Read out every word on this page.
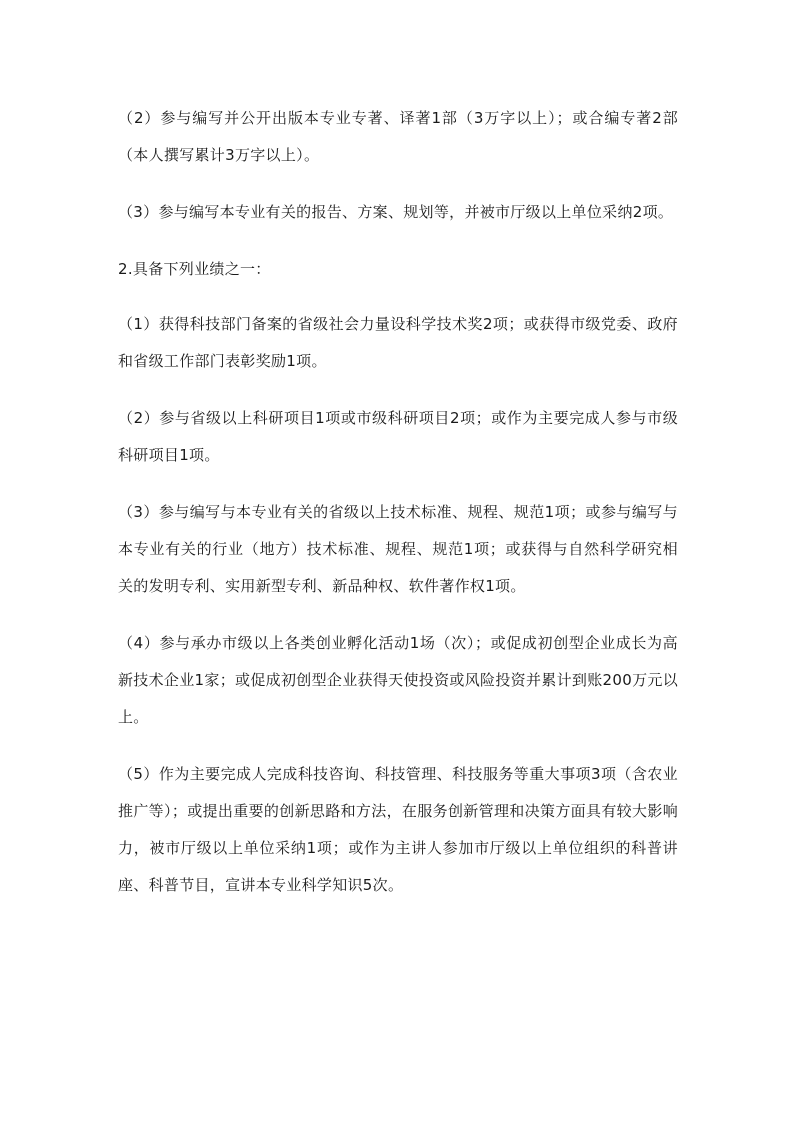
（2）参与编写并公开出版本专业专著、译著1部（3万字以上）；或合编专著2部（本人撰写累计3万字以上）。

（3）参与编写本专业有关的报告、方案、规划等，并被市厅级以上单位采纳2项。

2.具备下列业绩之一：

（1）获得科技部门备案的省级社会力量设科学技术奖2项；或获得市级党委、政府和省级工作部门表彰奖励1项。

（2）参与省级以上科研项目1项或市级科研项目2项；或作为主要完成人参与市级科研项目1项。

（3）参与编写与本专业有关的省级以上技术标准、规程、规范1项；或参与编写与本专业有关的行业（地方）技术标准、规程、规范1项；或获得与自然科学研究相关的发明专利、实用新型专利、新品种权、软件著作权1项。

（4）参与承办市级以上各类创业孵化活动1场（次）；或促成初创型企业成长为高新技术企业1家；或促成初创型企业获得天使投资或风险投资并累计到账200万元以上。

（5）作为主要完成人完成科技咨询、科技管理、科技服务等重大事项3项（含农业推广等）；或提出重要的创新思路和方法，在服务创新管理和决策方面具有较大影响力，被市厅级以上单位采纳1项；或作为主讲人参加市厅级以上单位组织的科普讲座、科普节目，宣讲本专业科学知识5次。
